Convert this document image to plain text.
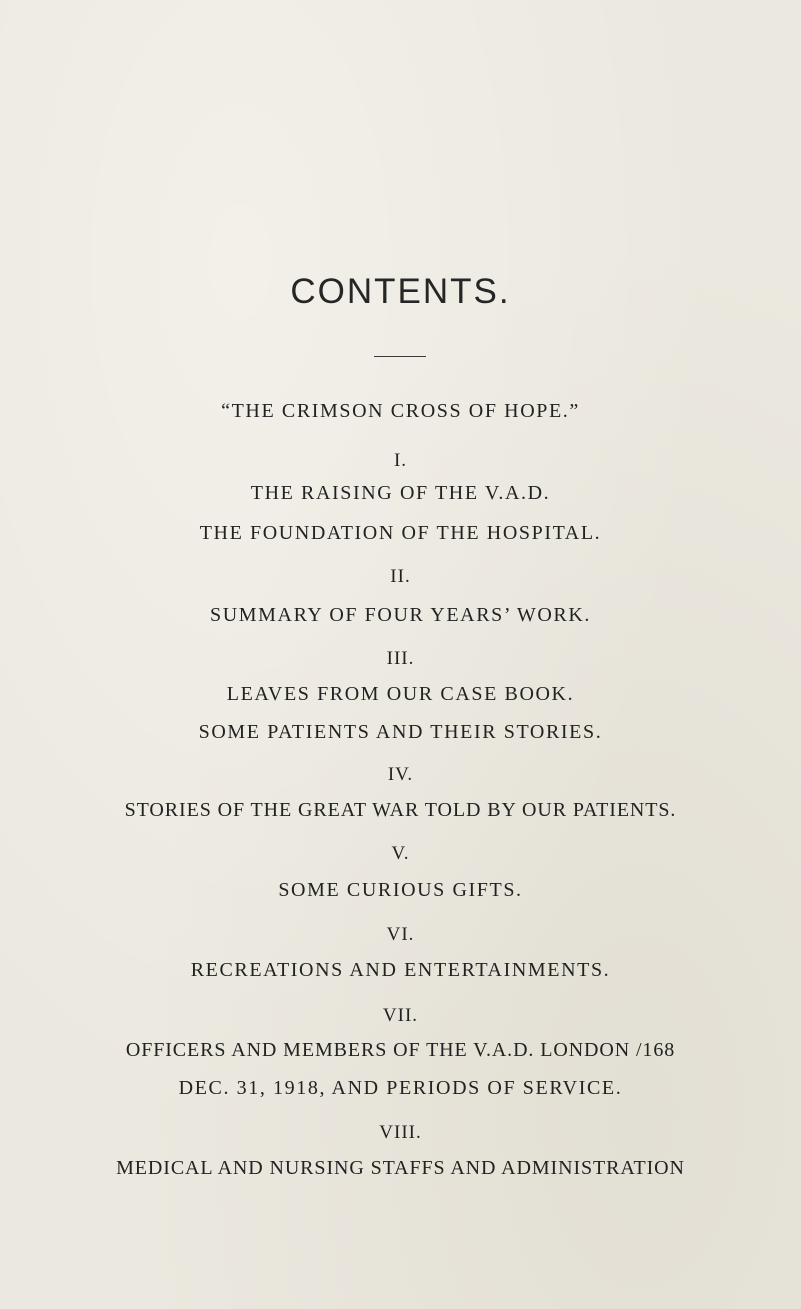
CONTENTS.
“THE CRIMSON CROSS OF HOPE.”
I.
THE RAISING OF THE V.A.D.
THE FOUNDATION OF THE HOSPITAL.
II.
SUMMARY OF FOUR YEARS’ WORK.
III.
LEAVES FROM OUR CASE BOOK.
SOME PATIENTS AND THEIR STORIES.
IV.
STORIES OF THE GREAT WAR TOLD BY OUR PATIENTS.
V.
SOME CURIOUS GIFTS.
VI.
RECREATIONS AND ENTERTAINMENTS.
VII.
OFFICERS AND MEMBERS OF THE V.A.D. LONDON /168
DEC. 31, 1918, AND PERIODS OF SERVICE.
VIII.
MEDICAL AND NURSING STAFFS AND ADMINISTRATION
